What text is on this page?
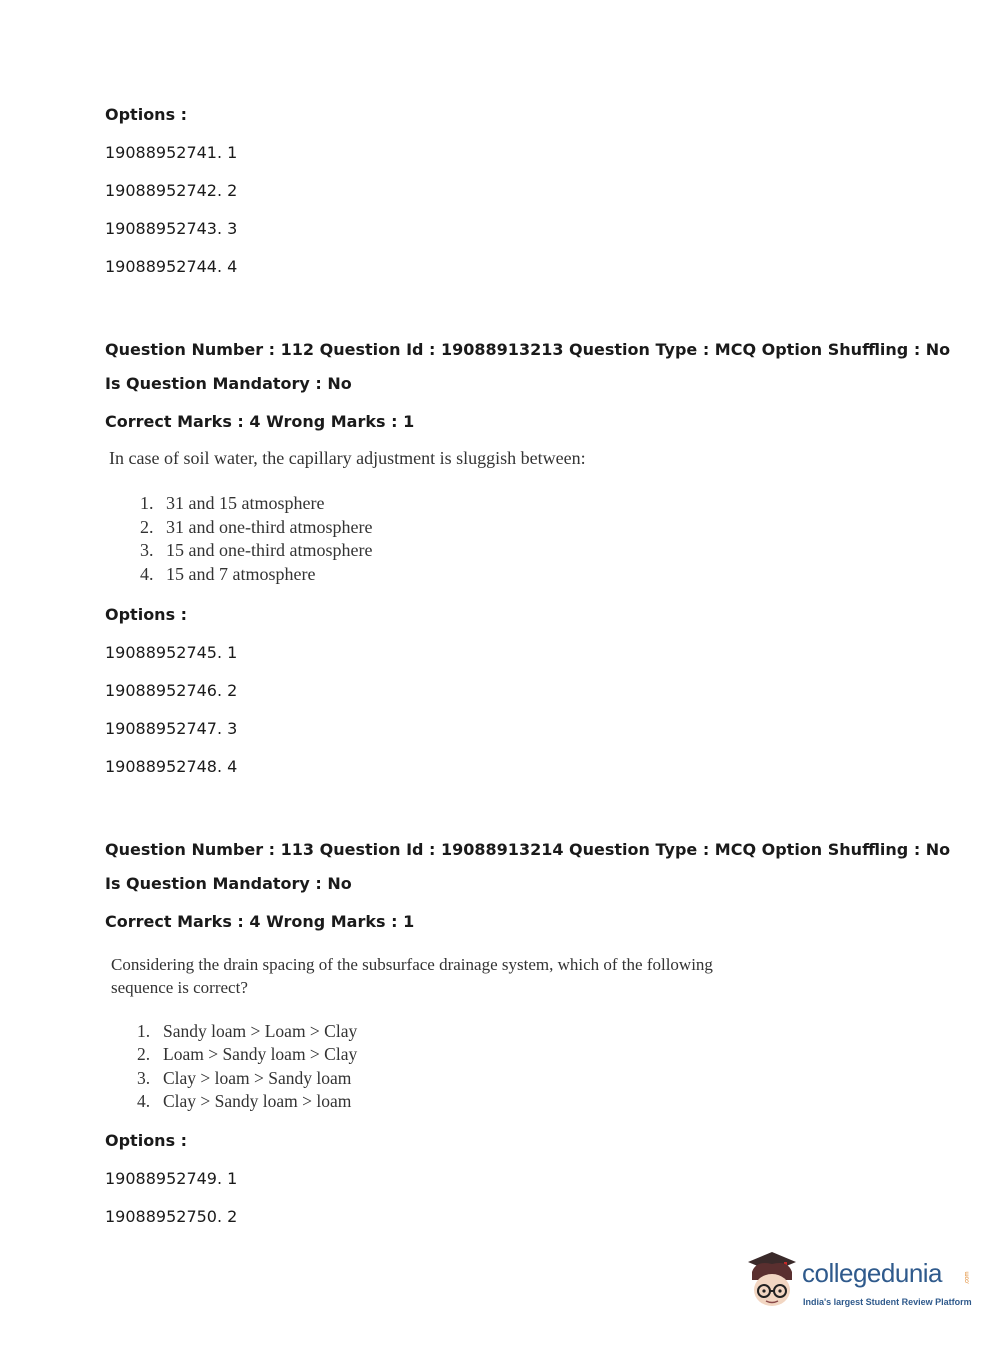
Options :
19088952741. 1
19088952742. 2
19088952743. 3
19088952744. 4
Question Number : 112 Question Id : 19088913213 Question Type : MCQ Option Shuffling : No
Is Question Mandatory : No
Correct Marks : 4 Wrong Marks : 1
In case of soil water, the capillary adjustment is sluggish between:
1. 31 and 15 atmosphere
2. 31 and one-third atmosphere
3. 15 and one-third atmosphere
4. 15 and 7 atmosphere
Options :
19088952745. 1
19088952746. 2
19088952747. 3
19088952748. 4
Question Number : 113 Question Id : 19088913214 Question Type : MCQ Option Shuffling : No
Is Question Mandatory : No
Correct Marks : 4 Wrong Marks : 1
Considering the drain spacing of the subsurface drainage system, which of the following
sequence is correct?
1. Sandy loam > Loam > Clay
2. Loam > Sandy loam > Clay
3. Clay > loam > Sandy loam
4. Clay > Sandy loam > loam
Options :
19088952749. 1
19088952750. 2
collegedunia	.com
India's largest Student Review Platform
